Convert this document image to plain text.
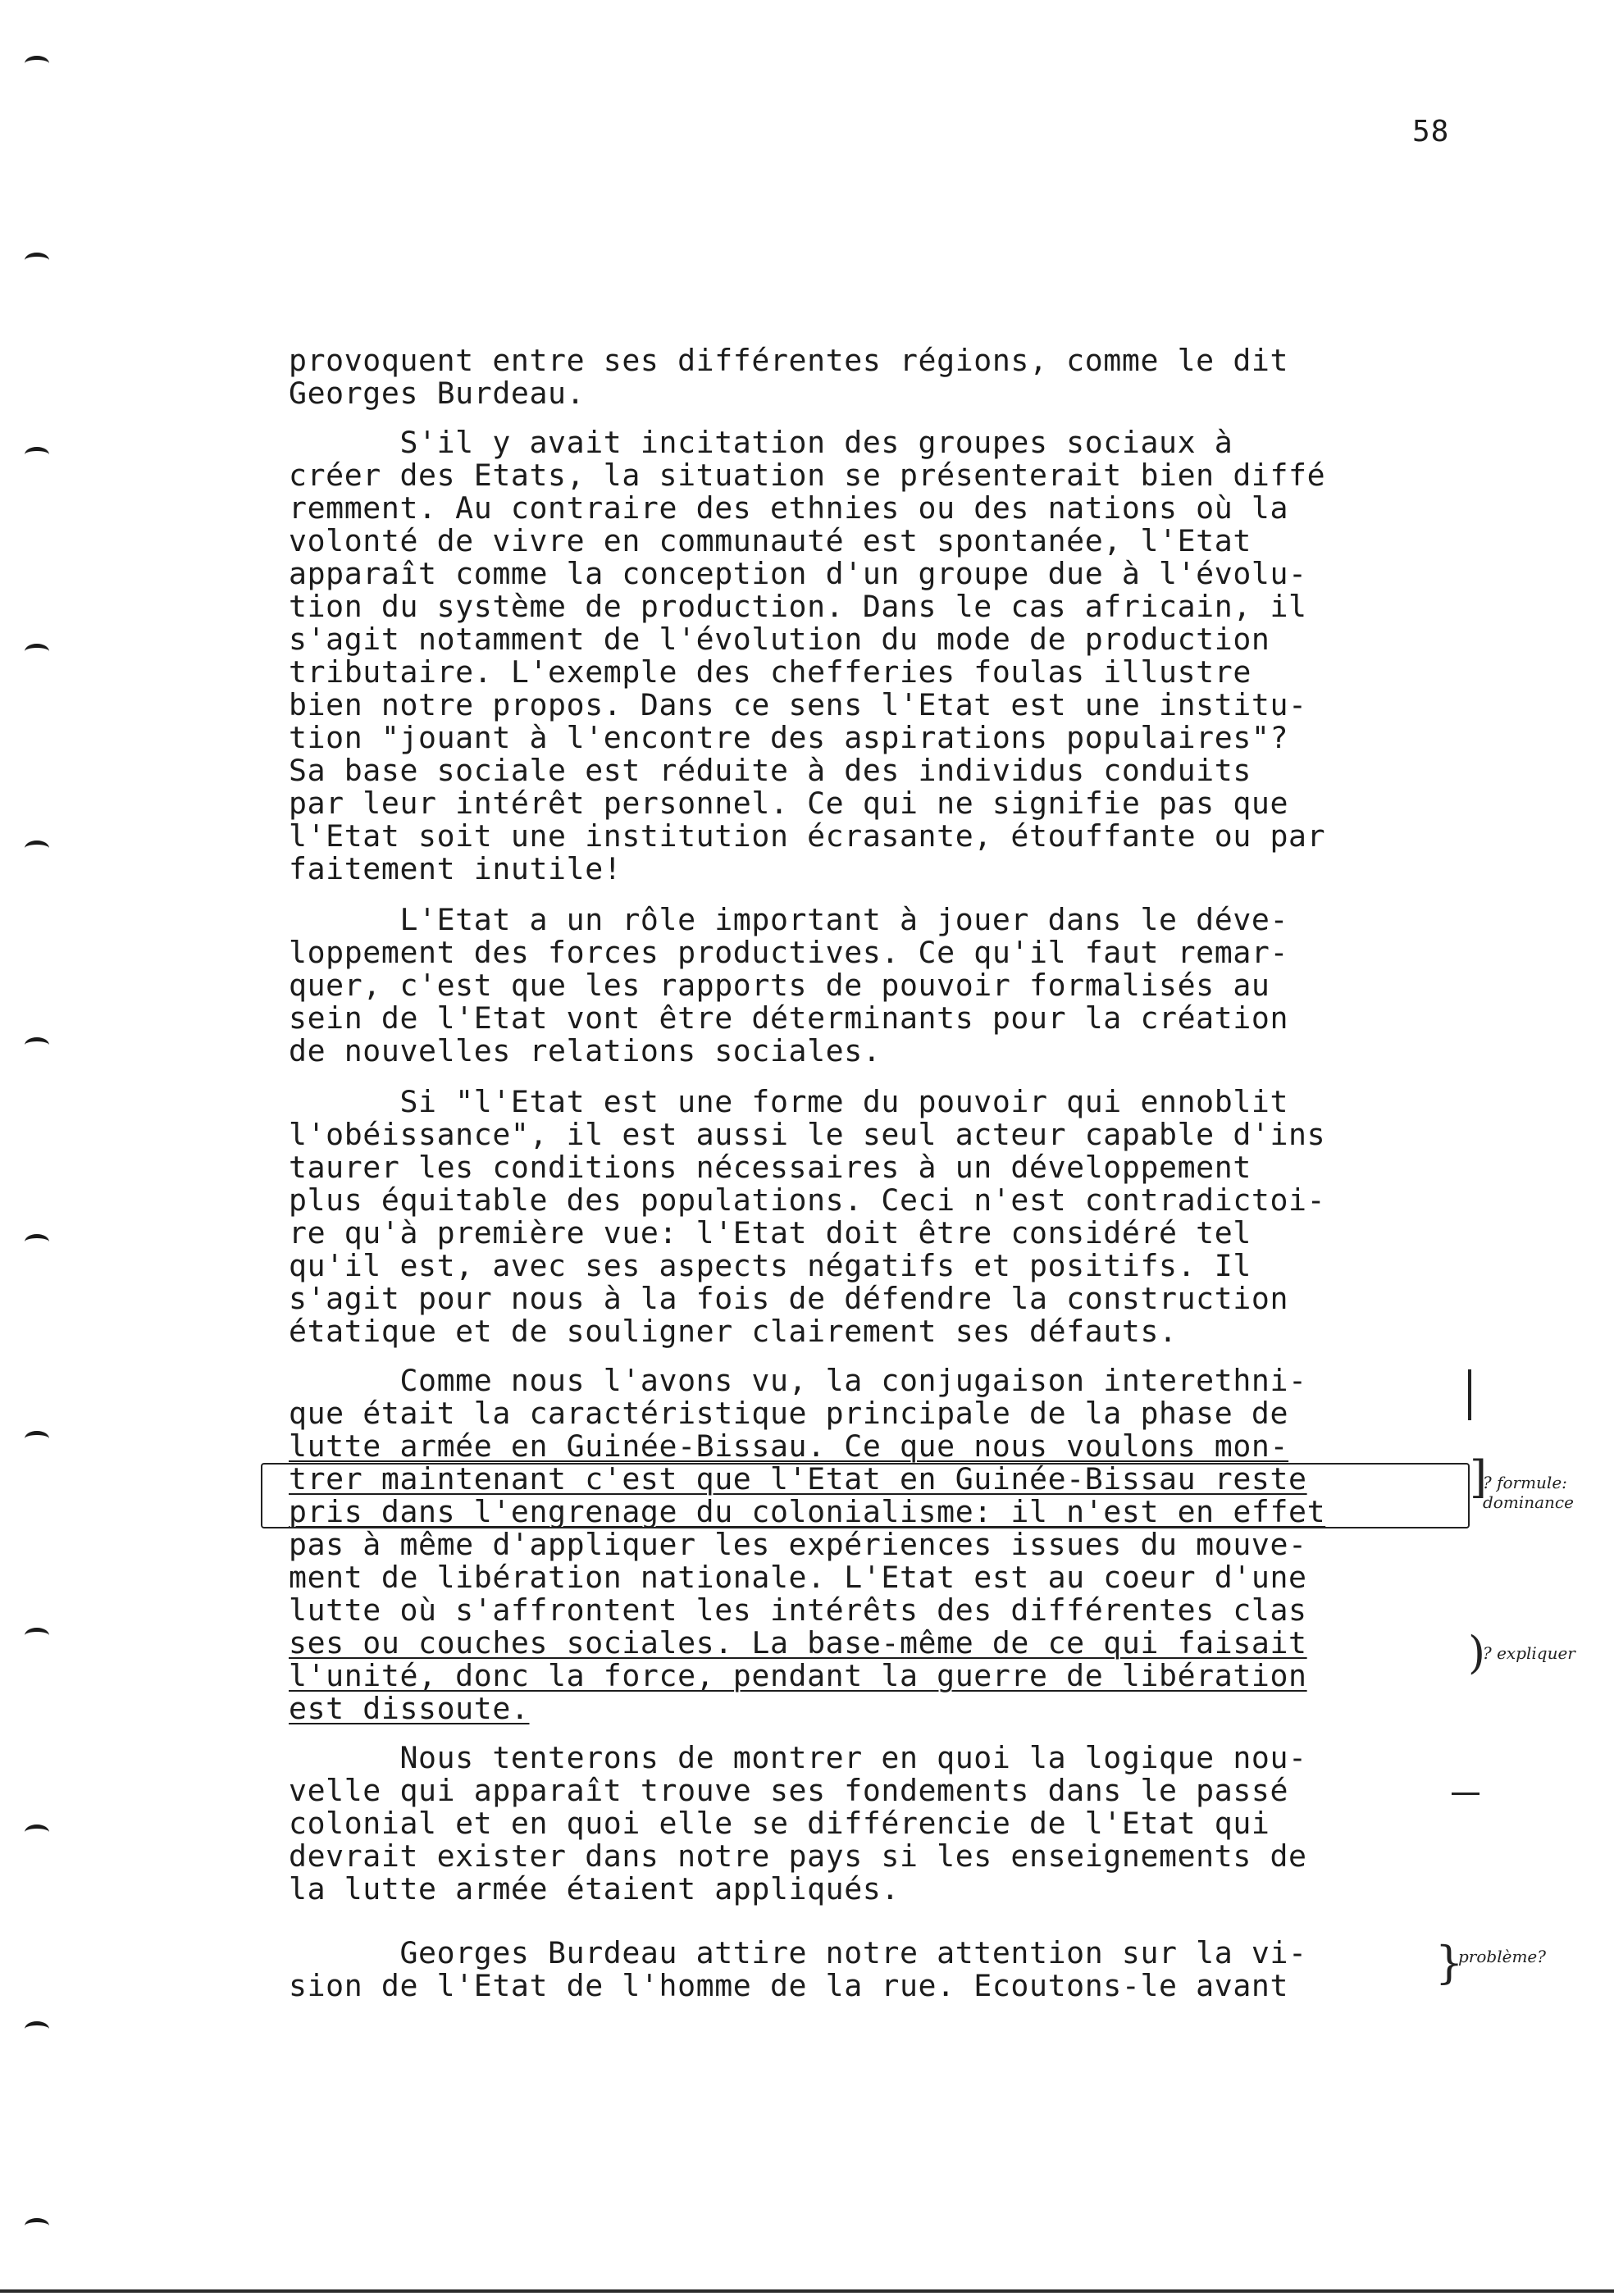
58
provoquent entre ses différentes régions, comme le dit
Georges Burdeau.
S'il y avait incitation des groupes sociaux à
créer des Etats, la situation se présenterait bien diffé
remment. Au contraire des ethnies ou des nations où la
volonté de vivre en communauté est spontanée, l'Etat
apparaît comme la conception d'un groupe due à l'évolu-
tion du système de production. Dans le cas africain, il
s'agit notamment de l'évolution du mode de production
tributaire. L'exemple des chefferies foulas illustre
bien notre propos. Dans ce sens l'Etat est une institu-
tion "jouant à l'encontre des aspirations populaires"?
Sa base sociale est réduite à des individus conduits
par leur intérêt personnel. Ce qui ne signifie pas que
l'Etat soit une institution écrasante, étouffante ou par
faitement inutile!
L'Etat a un rôle important à jouer dans le déve-
loppement des forces productives. Ce qu'il faut remar-
quer, c'est que les rapports de pouvoir formalisés au
sein de l'Etat vont être déterminants pour la création
de nouvelles relations sociales.
Si "l'Etat est une forme du pouvoir qui ennoblit
l'obéissance", il est aussi le seul acteur capable d'ins
taurer les conditions nécessaires à un développement
plus équitable des populations. Ceci n'est contradictoi-
re qu'à première vue: l'Etat doit être considéré tel
qu'il est, avec ses aspects négatifs et positifs. Il
s'agit pour nous à la fois de défendre la construction
étatique et de souligner clairement ses défauts.
Comme nous l'avons vu, la conjugaison interethni-
que était la caractéristique principale de la phase de
lutte armée en Guinée-Bissau. Ce que nous voulons mon-
trer maintenant c'est que l'Etat en Guinée-Bissau reste
pris dans l'engrenage du colonialisme: il n'est en effet
pas à même d'appliquer les expériences issues du mouve-
ment de libération nationale. L'Etat est au coeur d'une
lutte où s'affrontent les intérêts des différentes clas
ses ou couches sociales. La base-même de ce qui faisait
l'unité, donc la force, pendant la guerre de libération
est dissoute.
Nous tenterons de montrer en quoi la logique nou-
velle qui apparaît trouve ses fondements dans le passé
colonial et en quoi elle se différencie de l'Etat qui
devrait exister dans notre pays si les enseignements de
la lutte armée étaient appliqués.
Georges Burdeau attire notre attention sur la vi-
sion de l'Etat de l'homme de la rue. Ecoutons-le avant
]
? formule: dominance
)
? expliquer
}
problème?
